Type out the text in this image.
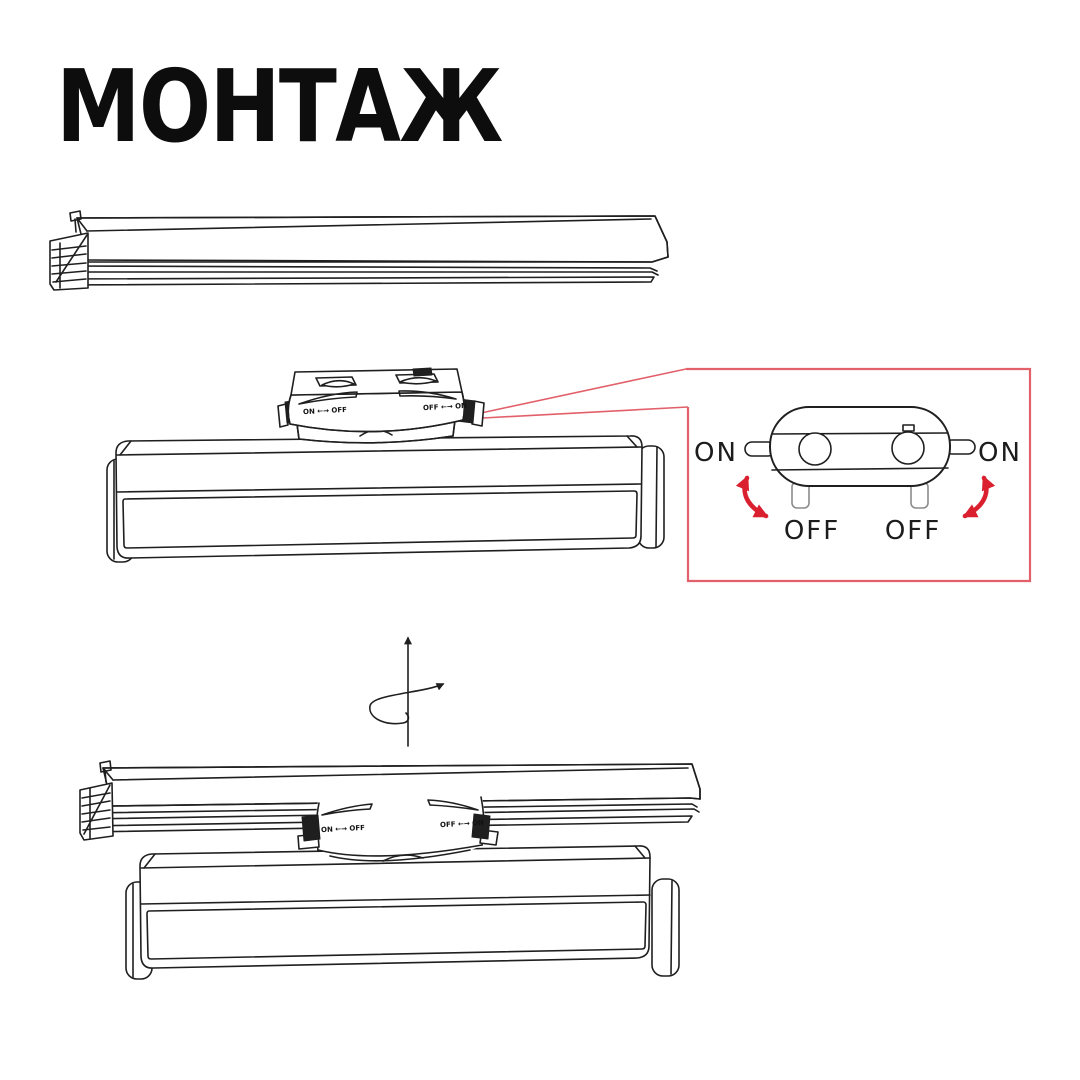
МОНТАЖ
ON	ON
OFF OFF
ON ←→ OFF	OFF ←→ ON
ON ←→ OFF	OFF ←→ ON
